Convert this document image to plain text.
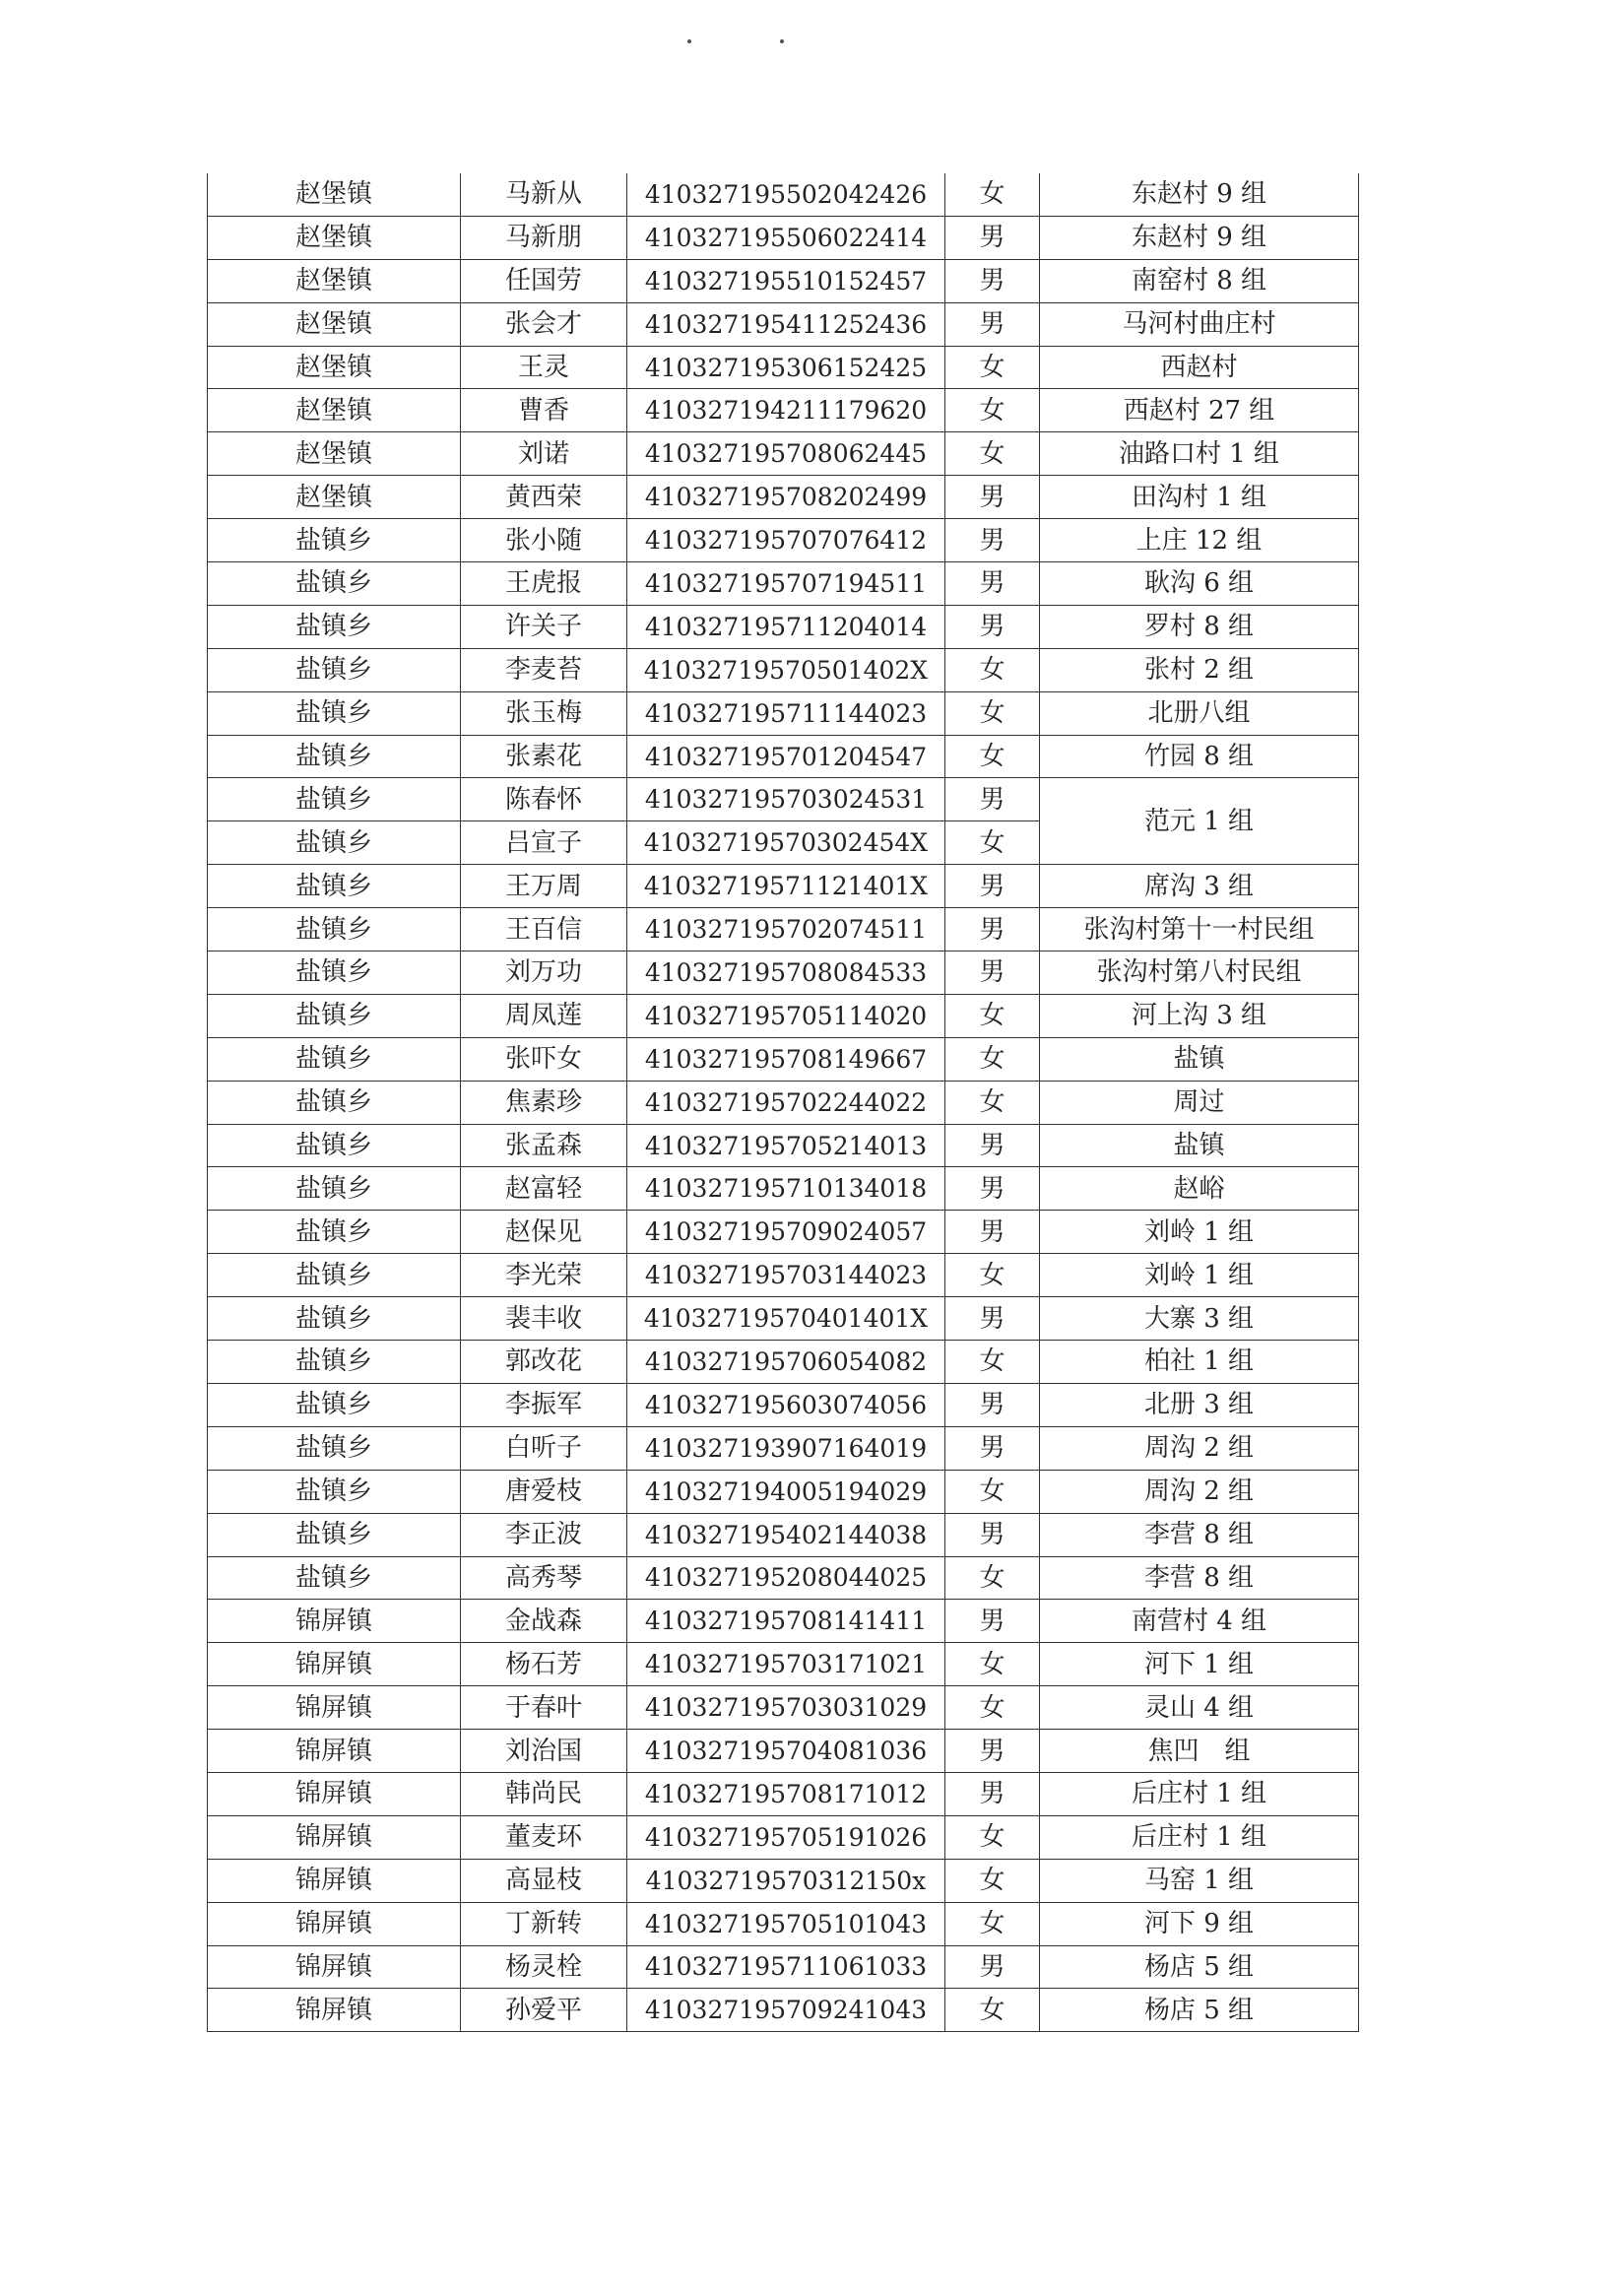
赵堡镇	马新从	410327195502042426	女	东赵村 9 组
赵堡镇	马新朋	410327195506022414	男	东赵村 9 组
赵堡镇	任国劳	410327195510152457	男	南窑村 8 组
赵堡镇	张会才	410327195411252436	男	马河村曲庄村
赵堡镇	王灵	410327195306152425	女	西赵村
赵堡镇	曹香	410327194211179620	女	西赵村 27 组
赵堡镇	刘诺	410327195708062445	女	油路口村 1 组
赵堡镇	黄西荣	410327195708202499	男	田沟村 1 组
盐镇乡	张小随	410327195707076412	男	上庄 12 组
盐镇乡	王虎报	410327195707194511	男	耿沟 6 组
盐镇乡	许关子	410327195711204014	男	罗村 8 组
盐镇乡	李麦苔	41032719570501402X	女	张村 2 组
盐镇乡	张玉梅	410327195711144023	女	北册八组
盐镇乡	张素花	410327195701204547	女	竹园 8 组
盐镇乡	陈春怀	410327195703024531	男	范元 1 组
盐镇乡	吕宣子	41032719570302454X	女	
盐镇乡	王万周	41032719571121401X	男	席沟 3 组
盐镇乡	王百信	410327195702074511	男	张沟村第十一村民组
盐镇乡	刘万功	410327195708084533	男	张沟村第八村民组
盐镇乡	周凤莲	410327195705114020	女	河上沟 3 组
盐镇乡	张吓女	410327195708149667	女	盐镇
盐镇乡	焦素珍	410327195702244022	女	周过
盐镇乡	张孟森	410327195705214013	男	盐镇
盐镇乡	赵富轻	410327195710134018	男	赵峪
盐镇乡	赵保见	410327195709024057	男	刘岭 1 组
盐镇乡	李光荣	410327195703144023	女	刘岭 1 组
盐镇乡	裴丰收	41032719570401401X	男	大寨 3 组
盐镇乡	郭改花	410327195706054082	女	柏社 1 组
盐镇乡	李振军	410327195603074056	男	北册 3 组
盐镇乡	白听子	410327193907164019	男	周沟 2 组
盐镇乡	唐爱枝	410327194005194029	女	周沟 2 组
盐镇乡	李正波	410327195402144038	男	李营 8 组
盐镇乡	高秀琴	410327195208044025	女	李营 8 组
锦屏镇	金战森	410327195708141411	男	南营村 4 组
锦屏镇	杨石芳	410327195703171021	女	河下 1 组
锦屏镇	于春叶	410327195703031029	女	灵山 4 组
锦屏镇	刘治国	410327195704081036	男	焦凹　组
锦屏镇	韩尚民	410327195708171012	男	后庄村 1 组
锦屏镇	董麦环	410327195705191026	女	后庄村 1 组
锦屏镇	高显枝	41032719570312150x	女	马窑 1 组
锦屏镇	丁新转	410327195705101043	女	河下 9 组
锦屏镇	杨灵栓	410327195711061033	男	杨店 5 组
锦屏镇	孙爱平	410327195709241043	女	杨店 5 组
